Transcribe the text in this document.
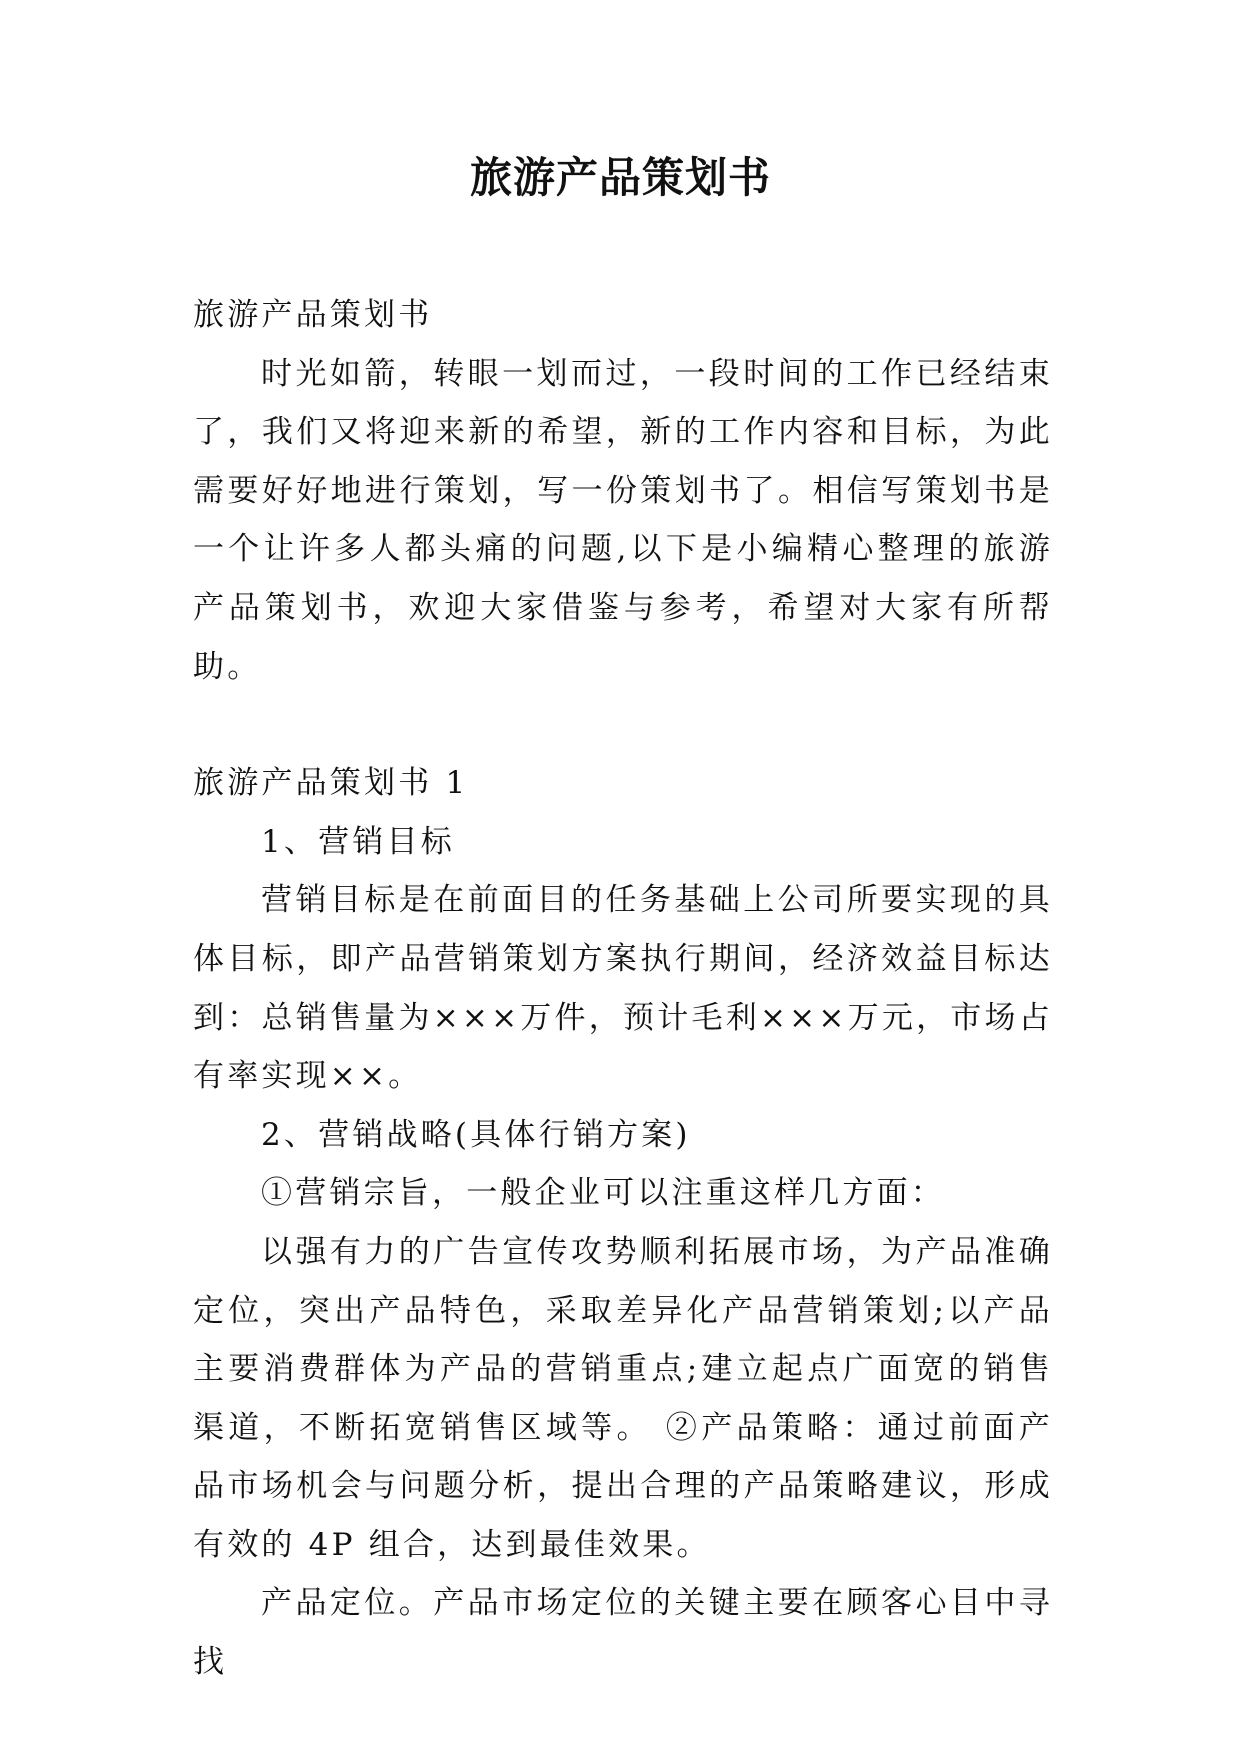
旅游产品策划书

旅游产品策划书

时光如箭，转眼一划而过，一段时间的工作已经结束了，我们又将迎来新的希望，新的工作内容和目标，为此需要好好地进行策划，写一份策划书了。相信写策划书是一个让许多人都头痛的问题,以下是小编精心整理的旅游产品策划书，欢迎大家借鉴与参考，希望对大家有所帮助。

旅游产品策划书 1

1、营销目标

营销目标是在前面目的任务基础上公司所要实现的具体目标，即产品营销策划方案执行期间，经济效益目标达到：总销售量为×××万件，预计毛利×××万元，市场占有率实现××。

2、营销战略(具体行销方案)

①营销宗旨，一般企业可以注重这样几方面：

以强有力的广告宣传攻势顺利拓展市场，为产品准确定位，突出产品特色，采取差异化产品营销策划;以产品主要消费群体为产品的营销重点;建立起点广面宽的销售渠道，不断拓宽销售区域等。 ②产品策略：通过前面产品市场机会与问题分析，提出合理的产品策略建议，形成有效的 4P 组合，达到最佳效果。

产品定位。产品市场定位的关键主要在顾客心目中寻找
